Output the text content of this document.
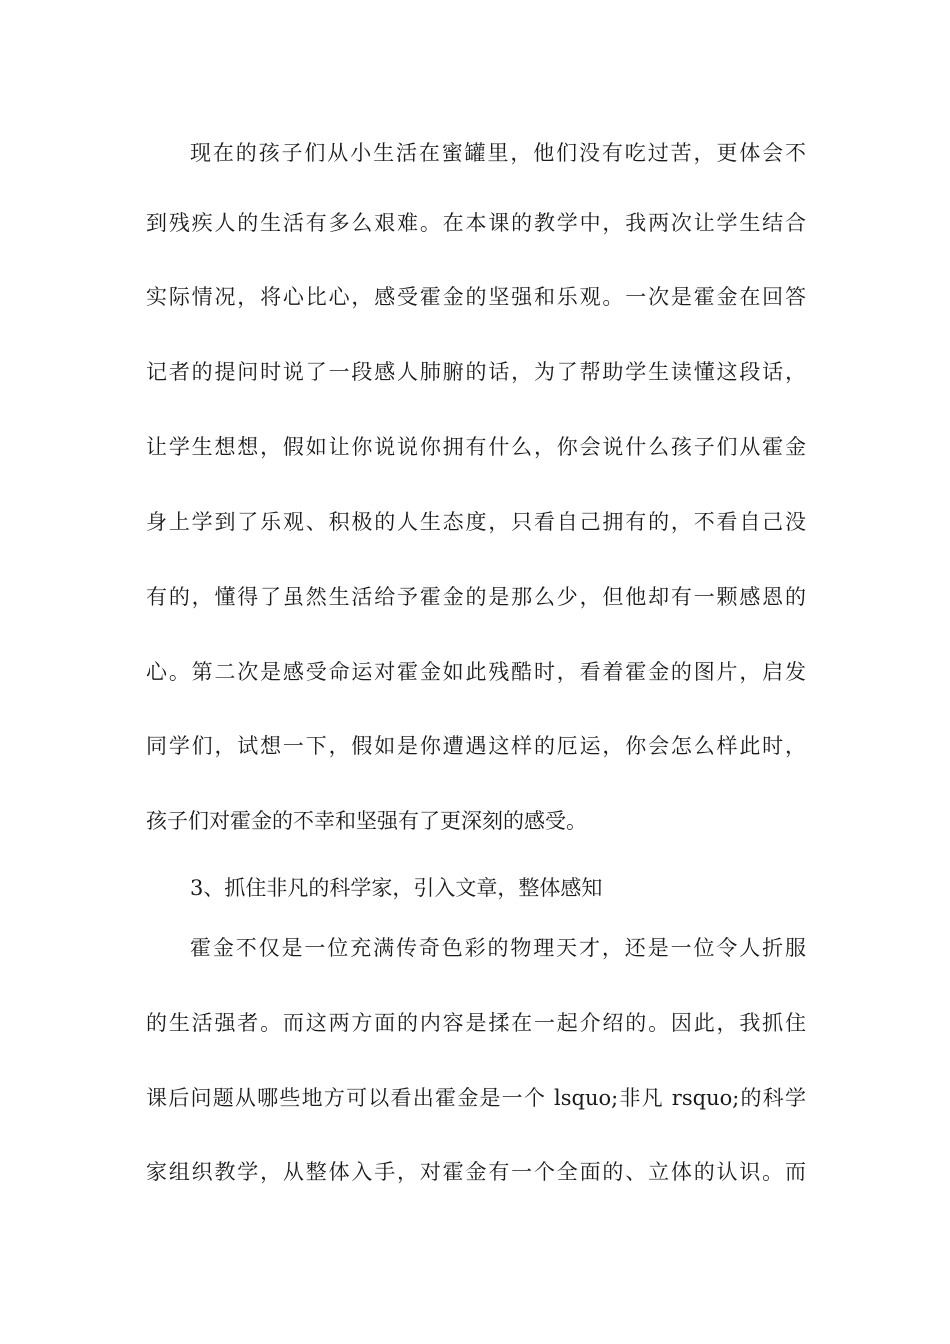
现在的孩子们从小生活在蜜罐里，他们没有吃过苦，更体会不
到残疾人的生活有多么艰难。在本课的教学中，我两次让学生结合
实际情况，将心比心，感受霍金的坚强和乐观。一次是霍金在回答
记者的提问时说了一段感人肺腑的话，为了帮助学生读懂这段话，
让学生想想，假如让你说说你拥有什么，你会说什么孩子们从霍金
身上学到了乐观、积极的人生态度，只看自己拥有的，不看自己没
有的，懂得了虽然生活给予霍金的是那么少，但他却有一颗感恩的
心。第二次是感受命运对霍金如此残酷时，看着霍金的图片，启发
同学们，试想一下，假如是你遭遇这样的厄运，你会怎么样此时，
孩子们对霍金的不幸和坚强有了更深刻的感受。
3、抓住非凡的科学家，引入文章，整体感知
霍金不仅是一位充满传奇色彩的物理天才，还是一位令人折服
的生活强者。而这两方面的内容是揉在一起介绍的。因此，我抓住
课后问题从哪些地方可以看出霍金是一个 lsquo;非凡 rsquo;的科学
家组织教学，从整体入手，对霍金有一个全面的、立体的认识。而
